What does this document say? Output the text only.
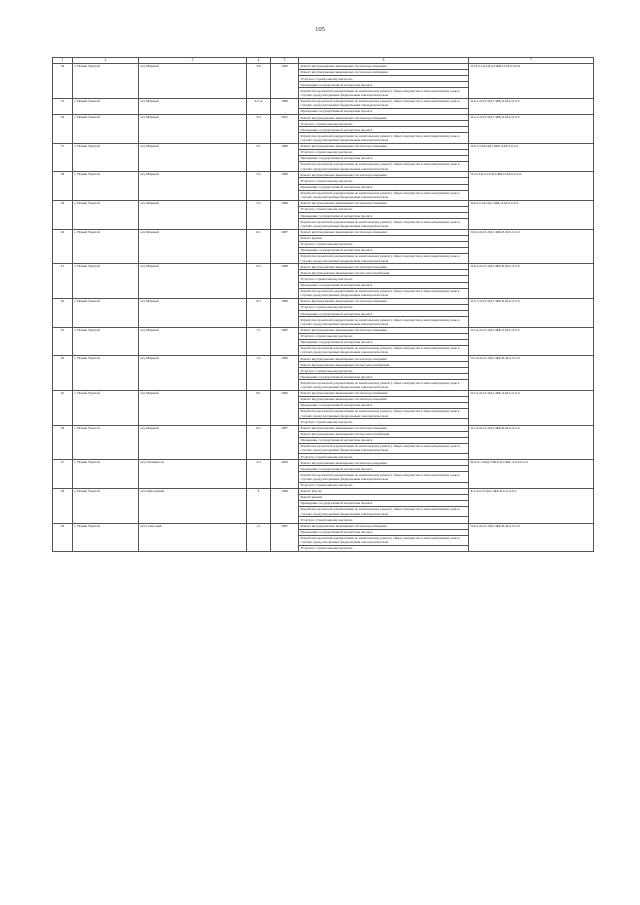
105
1	2	3	4	5	6	7
34	г. Новый Уренгой	м/р Мирный	3/6	1990	Ремонт внутридомовых инженерных систем водоотведения
Ремонт внутридомовых инженерных систем водоснабжения
Услуги по строительному контролю
Проведение государственной экспертизы проекта
Разработка проектной документации по капитальному ремонту общего имущества в многоквартирном доме в случаях, предусмотренных федеральным законодательством	II-10-5-I-04-ПД-СЖБ-П-М-0-0-0-0
35	г. Новый Уренгой	м/р Мирный	4/2 А	1989	Разработка проектной документации по капитальному ремонту общего имущества в многоквартирном доме в случаях, предусмотренных федеральным законодательством
Проведение государственной экспертизы проекта	II-9-2-II-01-ПД-СЖБ-Л-М-0-0-0-0
36	г. Новый Уренгой	м/р Мирный	4/3	1991	Ремонт внутридомовых инженерных систем водоотведения
Услуги по строительному контролю
Проведение государственной экспертизы проекта
Разработка проектной документации по капитальному ремонту общего имущества в многоквартирном доме в случаях, предусмотренных федеральным законодательством	II-5-2-II-01-ПД-СЖБ-Л-М-0-0-0-0
37	г. Новый Уренгой	м/р Мирный	5/1	1989	Ремонт внутридомовых инженерных систем водоотведения
Услуги по строительному контролю
Проведение государственной экспертизы проекта
Разработка проектной документации по капитальному ремонту общего имущества в многоквартирном доме в случаях, предусмотренных федеральным законодательством	II-9-3-I-04-ПД-СЖБ-Л-М-0-0-0-0
38	г. Новый Уренгой	м/р Мирный	5/2	1989	Ремонт внутридомовых инженерных систем водоотведения
Услуги по строительному контролю
Проведение государственной экспертизы проекта
Разработка проектной документации по капитальному ремонту общего имущества в многоквартирном доме в случаях, предусмотренных федеральным законодательством	II-10-4-II-01-ПД-СЖБ-П-М-0-0-0-0
39	г. Новый Уренгой	м/р Мирный	5/3	1989	Ремонт внутридомовых инженерных систем водоотведения
Услуги по строительному контролю
Проведение государственной экспертизы проекта
Разработка проектной документации по капитальному ремонту общего имущества в многоквартирном доме в случаях, предусмотренных федеральным законодательством	II-9-4-I-04-ПД-СЖБ-Л-М-0-0-0-0
40	г. Новый Уренгой	м/р Мирный	6/1	1987	Ремонт внутридомовых инженерных систем водоотведения
Ремонт крыши
Услуги по строительному контролю
Проведение государственной экспертизы проекта
Разработка проектной документации по капитальному ремонту общего имущества в многоквартирном доме в случаях, предусмотренных федеральным законодательством	II-9-4-II-01-ПД-СЖБ-П-М-0-0-0-0
41	г. Новый Уренгой	м/р Мирный	6/2	1988	Ремонт внутридомовых инженерных систем водоотведения
Ремонт внутридомовых инженерных систем теплоснабжения
Услуги по строительному контролю
Проведение государственной экспертизы проекта
Разработка проектной документации по капитальному ремонту общего имущества в многоквартирном доме в случаях, предусмотренных федеральным законодательством	II-9-4-II-01-ПД-СЖБ-П-М-0-0-0-0
42	г. Новый Уренгой	м/р Мирный	6/3	1989	Ремонт внутридомовых инженерных систем водоотведения
Услуги по строительному контролю
Проведение государственной экспертизы проекта
Разработка проектной документации по капитальному ремонту общего имущества в многоквартирном доме в случаях, предусмотренных федеральным законодательством	II-5-5-II-01-ПД-СЖБ-П-М-0-0-0-0
43	г. Новый Уренгой	м/р Мирный	7/1	1983	Ремонт внутридомовых инженерных систем водоотведения
Услуги по строительному контролю
Проведение государственной экспертизы проекта
Разработка проектной документации по капитальному ремонту общего имущества в многоквартирном доме в случаях, предусмотренных федеральным законодательством	II-5-4-II-01-ПД-СЖБ-Л-М-0-0-0-0
44	г. Новый Уренгой	м/р Мирный	7/2	1984	Ремонт внутридомовых инженерных систем водоотведения
Ремонт внутридомовых инженерных систем теплоснабжения
Услуги по строительному контролю
Проведение государственной экспертизы проекта
Разработка проектной документации по капитальному ремонту общего имущества в многоквартирном доме в случаях, предусмотренных федеральным законодательством	II-5-6-II-01-ПД-СЖБ-П-М-0-0-0-0
45	г. Новый Уренгой	м/р Мирный	8/1	1983	Ремонт внутридомовых инженерных систем водоснабжения
Ремонт внутридомовых инженерных систем водоотведения
Проведение государственной экспертизы проекта
Разработка проектной документации по капитальному ремонту общего имущества в многоквартирном доме в случаях, предусмотренных федеральным законодательством
Услуги по строительному контролю	II-5-4-II-01-ПД-СЖБ-Л-М-0-0-0-0
46	г. Новый Уренгой	м/р Мирный	8/2	1987	Ремонт внутридомовых инженерных систем водоотведения
Ремонт внутридомовых инженерных систем теплоснабжения
Проведение государственной экспертизы проекта
Разработка проектной документации по капитальному ремонту общего имущества в многоквартирном доме в случаях, предусмотренных федеральным законодательством
Услуги по строительному контролю	II-5-6-II-01-ПД-СЖБ-П-М-0-0-0-0
47	г. Новый Уренгой	м/р Оптимистов	4/3	2009	Ремонт внутридомовых инженерных систем водоотведения
Проведение государственной экспертизы проекта
Разработка проектной документации по капитальному ремонту общего имущества в многоквартирном доме в случаях, предусмотренных федеральным законодательством
Услуги по строительному контролю	М-9-6-1-Инд-УШ-ПД-СЖБ-Л-0-0-0-0-0
48	г. Новый Уренгой	м/р Приозерный	8	1969	Ремонт фасада
Ремонт крыши
Проведение государственной экспертизы проекта
Разработка проектной документации по капитальному ремонту общего имущества в многоквартирном доме в случаях, предусмотренных федеральным законодательством
Услуги по строительному контролю	Б-5-4-II-0-ПД-СЖБ-П-0-0-0-0-0
49	г. Новый Уренгой	м/р Советский	1/1	1987	Ремонт внутридомовых инженерных систем водоотведения
Проведение государственной экспертизы проекта
Разработка проектной документации по капитальному ремонту общего имущества в многоквартирном доме в случаях, предусмотренных федеральным законодательством
Услуги по строительному контролю	II-9-4-II-01-ПД-СЖБ-П-М-0-0-0-0
